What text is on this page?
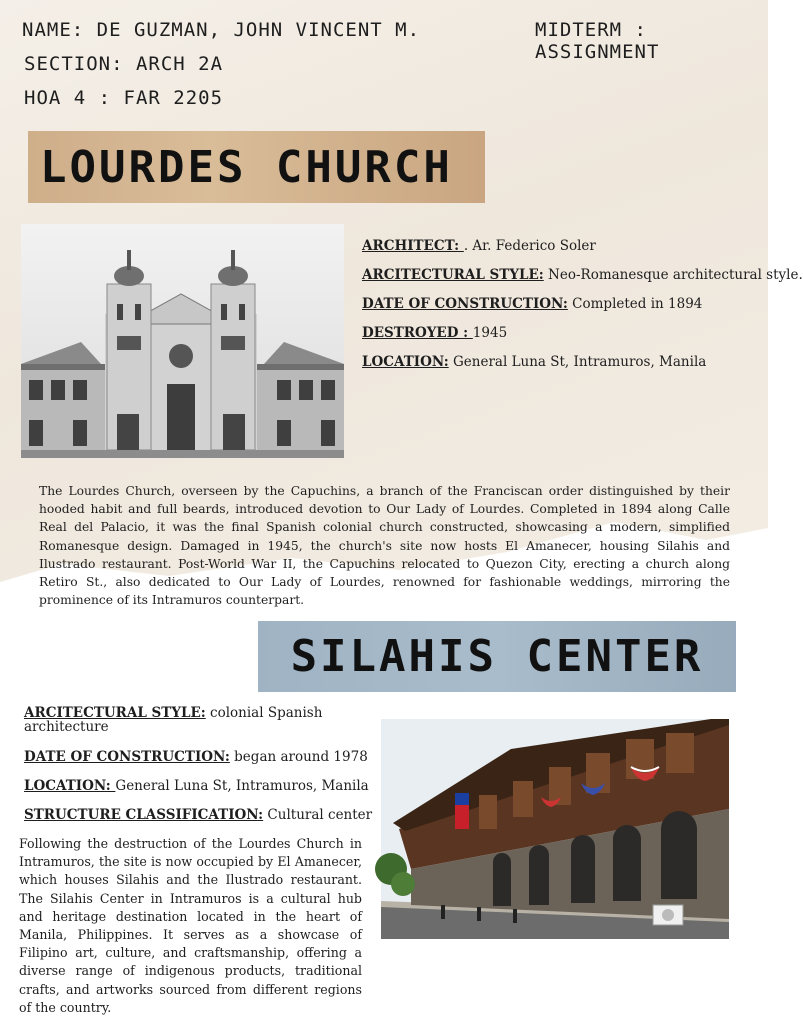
NAME: DE GUZMAN, JOHN VINCENT M.	MIDTERM : ASSIGNMENT
SECTION: ARCH 2A
HOA 4 : FAR 2205
LOURDES CHURCH
ARCHITECT: . Ar. Federico Soler
ARCITECTURAL STYLE: Neo-Romanesque architectural style.
DATE OF CONSTRUCTION: Completed in 1894
DESTROYED : 1945
LOCATION: General Luna St, Intramuros, Manila
The Lourdes Church, overseen by the Capuchins, a branch of the Franciscan order distinguished by their hooded habit and full beards, introduced devotion to Our Lady of Lourdes. Completed in 1894 along Calle Real del Palacio, it was the final Spanish colonial church constructed, showcasing a modern, simplified Romanesque design. Damaged in 1945, the church's site now hosts El Amanecer, housing Silahis and Ilustrado restaurant. Post-World War II, the Capuchins relocated to Quezon City, erecting a church along Retiro St., also dedicated to Our Lady of Lourdes, renowned for fashionable weddings, mirroring the prominence of its Intramuros counterpart.
SILAHIS CENTER
ARCITECTURAL STYLE: colonial Spanish
architecture
DATE OF CONSTRUCTION: began around 1978
LOCATION: General Luna St, Intramuros, Manila
STRUCTURE CLASSIFICATION: Cultural center
Following the destruction of the Lourdes Church in Intramuros, the site is now occupied by El Amanecer, which houses Silahis and the Ilustrado restaurant. The Silahis Center in Intramuros is a cultural hub and heritage destination located in the heart of Manila, Philippines. It serves as a showcase of Filipino art, culture, and craftsmanship, offering a diverse range of indigenous products, traditional crafts, and artworks sourced from different regions of the country.
